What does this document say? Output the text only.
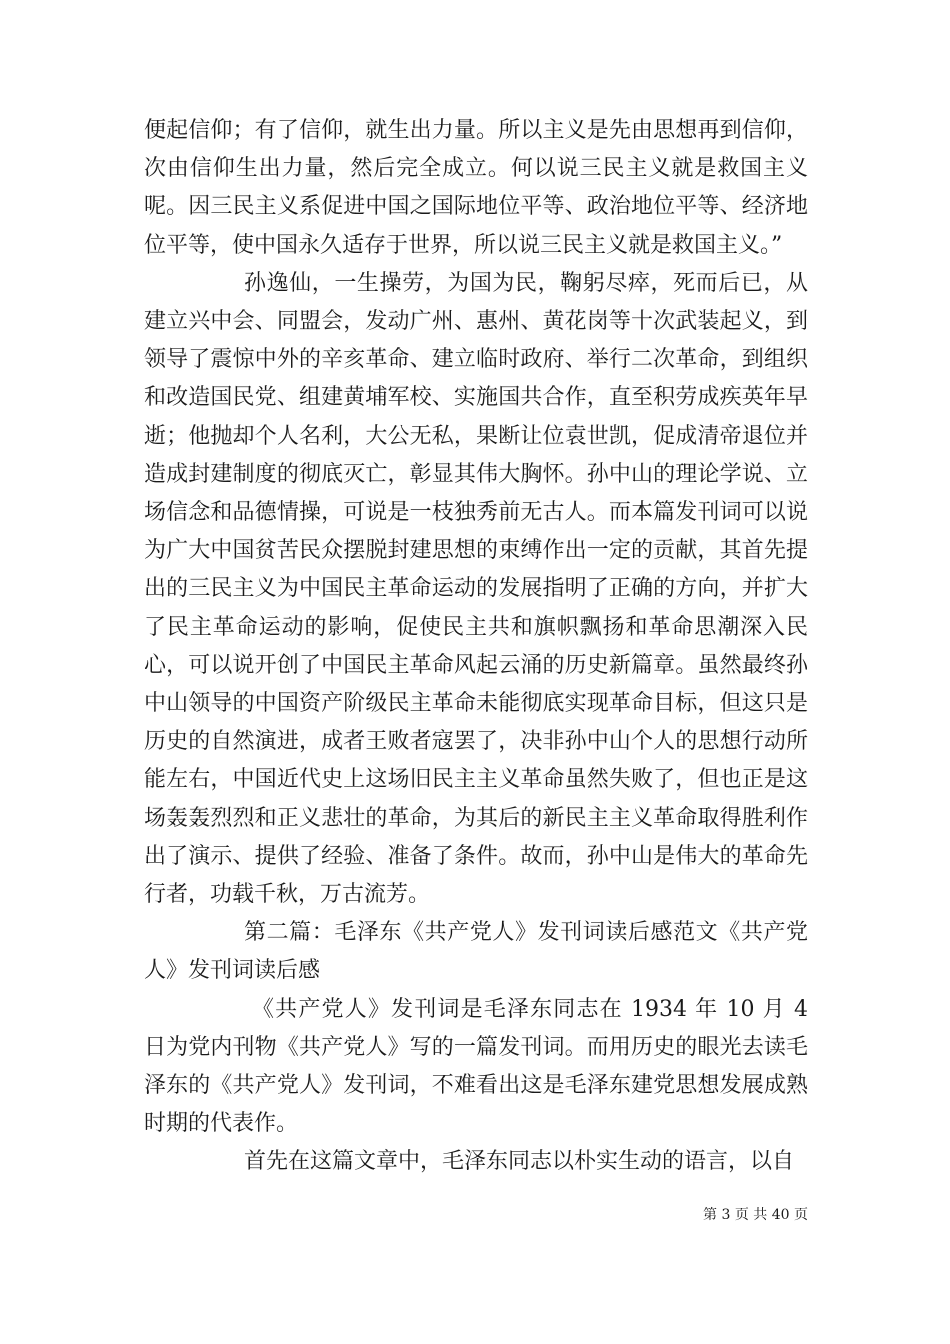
便起信仰；有了信仰，就生出力量。所以主义是先由思想再到信仰，次由信仰生出力量，然后完全成立。何以说三民主义就是救国主义呢。因三民主义系促进中国之国际地位平等、政治地位平等、经济地位平等，使中国永久适存于世界，所以说三民主义就是救国主义。”

孙逸仙，一生操劳，为国为民，鞠躬尽瘁，死而后已，从建立兴中会、同盟会，发动广州、惠州、黄花岗等十次武装起义，到领导了震惊中外的辛亥革命、建立临时政府、举行二次革命，到组织和改造国民党、组建黄埔军校、实施国共合作，直至积劳成疾英年早逝；他抛却个人名利，大公无私，果断让位袁世凯，促成清帝退位并造成封建制度的彻底灭亡，彰显其伟大胸怀。孙中山的理论学说、立场信念和品德情操，可说是一枝独秀前无古人。而本篇发刊词可以说为广大中国贫苦民众摆脱封建思想的束缚作出一定的贡献，其首先提出的三民主义为中国民主革命运动的发展指明了正确的方向，并扩大了民主革命运动的影响，促使民主共和旗帜飘扬和革命思潮深入民心，可以说开创了中国民主革命风起云涌的历史新篇章。虽然最终孙中山领导的中国资产阶级民主革命未能彻底实现革命目标，但这只是历史的自然演进，成者王败者寇罢了，决非孙中山个人的思想行动所能左右，中国近代史上这场旧民主主义革命虽然失败了，但也正是这场轰轰烈烈和正义悲壮的革命，为其后的新民主主义革命取得胜利作出了演示、提供了经验、准备了条件。故而，孙中山是伟大的革命先行者，功载千秋，万古流芳。

第二篇：毛泽东《共产党人》发刊词读后感范文《共产党人》发刊词读后感

《共产党人》发刊词是毛泽东同志在 1934 年 10 月 4 日为党内刊物《共产党人》写的一篇发刊词。而用历史的眼光去读毛泽东的《共产党人》发刊词，不难看出这是毛泽东建党思想发展成熟时期的代表作。

首先在这篇文章中，毛泽东同志以朴实生动的语言，以自

第 3 页 共 40 页
